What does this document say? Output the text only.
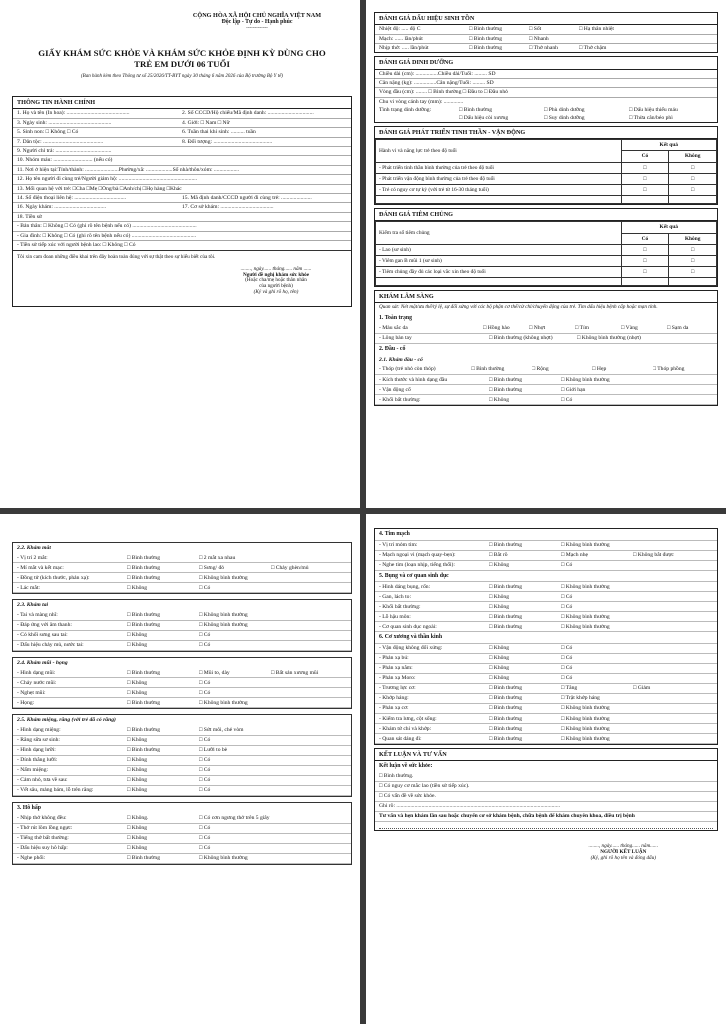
CỘNG HÒA XÃ HỘI CHỦ NGHĨA VIỆT NAM
Độc lập - Tự do - Hạnh phúc
-------------
GIẤY KHÁM SỨC KHỎE VÀ KHÁM SỨC KHỎE ĐỊNH KỲ DÙNG CHO
TRẺ EM DƯỚI 06 TUỔI
(Ban hành kèm theo Thông tư số 25/2026/TT-BYT ngày 30 tháng 6 năm 2026 của Bộ trưởng Bộ Y tế)
THÔNG TIN HÀNH CHÍNH
1. Họ và tên (In hoa): .............................................	2. Số CCCD/Hộ chiếu/Mã định danh: .................................
3. Ngày sinh: .............................................	4. Giới: □ Nam □ Nữ
5. Sinh non: □ Không □ Có	6. Tuần thai khi sinh: .......... tuần
7. Dân tộc: ...........................................	8. Đối tượng: ..........................................
9. Người chỉ trả: ........................................
10. Nhóm máu: ............................ (nếu có)
11. Nơi ở hiện tại:Tỉnh/thành: ........................Phường/xã: ...................Số nhà/thôn/xóm: ..................
12. Họ tên người đi cùng trẻ/Người giám hộ: ........................................................
13. Mối quan hệ với trẻ: □Cha □Mẹ □Ông/bà □Anh/chị □Họ hàng □Khác
14. Số điện thoại liên hệ: .....................................	15. Mã định danh/CCCD người đi cùng trẻ: ......................
16. Ngày khám: .....................................	17. Cơ sở khám: ......................................
18. Tiền sử
- Bản thân: □ Không □ Có (ghi rõ tên bệnh nếu có) ..............................................
- Gia đình: □ Không □ Có (ghi rõ tên bệnh nếu có) ..............................................
- Tiền sử tiếp xúc với người bệnh lao: □ Không □ Có
Tôi xin cam đoan những điều khai trên đây hoàn toàn đúng với sự thật theo sự hiểu biết của tôi.
........, ngày...... tháng...... năm ......
Người đề nghị khám sức khỏe
(Hoặc cha/mẹ hoặc thân nhân
của người bệnh)
(Ký và ghi rõ họ, tên)
ĐÁNH GIÁ DẤU HIỆU SINH TỒN
Nhiệt độ: ..... độ C	□ Bình thường	□ Sốt	□ Hạ thân nhiệt
Mạch: ...... lần/phút	□ Bình thường	□ Nhanh
Nhịp thở: ..... lần/phút	□ Bình thường	□ Thở nhanh	□ Thở chậm
ĐÁNH GIÁ DINH DƯỠNG
Chiều dài (cm): ................Chiều dài/Tuổi: ......... SD
Cân nặng (kg): ................Cân nặng/Tuổi: ......... SD
Vòng đầu (cm): ........ □ Bình thường □ Đầu to □ Đầu nhỏ
Chu vi vòng cánh tay (mm): ..............
Tình trạng dinh dưỡng:	□ Bình thường	□ Phù dinh dưỡng	□ Dấu hiệu thiếu máu
□ Dấu hiệu còi xương	□ Suy dinh dưỡng	□ Thừa cân/béo phì
ĐÁNH GIÁ PHÁT TRIỂN TINH THẦN - VẬN ĐỘNG
Hành vi và năng lực trẻ theo độ tuổi	Kết quả	
	Có	Không
- Phát triển tinh thần bình thường của trẻ theo độ tuổi	□	□
- Phát triển vận động bình thường của trẻ theo độ tuổi	□	□
- Trẻ có nguy cơ tự kỷ (với trẻ từ 16-30 tháng tuổi)	□	□

ĐÁNH GIÁ TIÊM CHỦNG
Kiểm tra sổ tiêm chủng	Kết quả	
	Có	Không
- Lao (sơ sinh)	□	□
- Viêm gan B mũi 1 (sơ sinh)	□	□
- Tiêm chủng đầy đủ các loại vắc xin theo độ tuổi	□	□

KHÁM LÂM SÀNG
Quan sát: Nét mặt/ưu thế/tỷ lệ, sự đối xứng với các bộ phận cơ thể/cử chỉ/chuyển động của trẻ. Tìm dấu hiệu bệnh cấp hoặc mạn tính.
1. Toàn trạng
- Màu sắc da	□ Hồng hào	□ Nhợt	□ Tím	□ Vàng	□ Sạm da
- Lông bàn tay	□ Bình thường (không nhợt)	□ Không bình thường (nhợt)
2. Đầu - cổ
2.1. Khám đầu - cổ
- Thóp (trẻ nhỏ còn thóp)	□ Bình thường	□ Rộng	□ Hẹp	□ Thóp phồng
- Kích thước và hình dạng đầu	□ Bình thường	□ Không bình thường
- Vận động cổ	□ Bình thường	□ Giới hạn
- Khối bất thường:	□ Không	□ Có
2.2. Khám mắt
- Vị trí 2 mắt:	□ Bình thường	□ 2 mắt xa nhau
- Mí mắt và kết mạc:	□ Bình thường	□ Sưng/ đỏ	□ Chảy ghèn/mủ
- Đồng tử (kích thước, phản xạ):	□ Bình thường	□ Không bình thường
- Lác mắt:	□ Không	□ Có
2.3. Khám tai
- Tai và màng nhĩ:	□ Bình thường	□ Không bình thường
- Đáp ứng với âm thanh:	□ Bình thường	□ Không bình thường
- Có khối sưng sau tai:	□ Không	□ Có
- Dấu hiệu chảy mủ, nước tai:	□ Không	□ Có
2.4. Khám mũi - họng
- Hình dạng mũi:	□ Bình thường	□ Mũi to, dày	□ Bất sản xương mũi
- Chảy nước mũi:	□ Không	□ Có
- Nghẹt mũi:	□ Không	□ Có
- Họng:	□ Bình thường	□ Không bình thường
2.5. Khám miệng, răng (với trẻ đã có răng)
- Hình dạng miệng:	□ Bình thường	□ Sứt môi, chẻ vòm
- Răng sữa sơ sinh:	□ Không	□ Có
- Hình dạng lưỡi:	□ Bình thường	□ Lưỡi to bè
- Dính thắng lưỡi:	□ Không	□ Có
- Nấm miệng:	□ Không	□ Có
- Cảm nhỏ, tưa về sau:	□ Không	□ Có
- Vết sâu, mảng bám, lỗ trên răng:	□ Không	□ Có
3. Hô hấp
- Nhịp thở không đều:	□ Không.	□ Có cơn ngưng thở trên 5 giây
- Thở rút lõm lồng ngực:	□ Không	□ Có
- Tiếng thở bất thường:	□ Không	□ Có
- Dấu hiệu suy hô hấp:	□ Không	□ Có
- Nghe phổi:	□ Bình thường	□ Không bình thường
4. Tim mạch
- Vị trí mỏm tim:	□ Bình thường	□ Không bình thường
- Mạch ngoại vi (mạch quay-bẹn):	□ Bắt rõ	□ Mạch nhẹ	□ Không bắt được
- Nghe tim (loạn nhịp, tiếng thổi):	□ Không	□ Có
5. Bụng và cơ quan sinh dục
- Hình dáng bụng, rốn:	□ Bình thường	□ Không bình thường
- Gan, lách to:	□ Không	□ Có
- Khối bất thường:	□ Không	□ Có
- Lỗ hậu môn:	□ Bình thường	□ Không bình thường
- Cơ quan sinh dục ngoài:	□ Bình thường	□ Không bình thường
6. Cơ xương và thần kinh
- Vận động không đối xứng:	□ Không	□ Có
- Phản xạ bú:	□ Không	□ Có
- Phản xạ nắm:	□ Không	□ Có
- Phản xạ Moro:	□ Không	□ Có
- Trương lực cơ:	□ Bình thường	□ Tăng	□ Giảm
- Khớp háng:	□ Bình thường	□ Trật khớp háng
- Phản xạ cơ:	□ Bình thường	□ Không bình thường
- Kiểm tra lưng, cột sống:	□ Bình thường	□ Không bình thường
- Khám tứ chi và khớp:	□ Bình thường	□ Không bình thường
- Quan sát dáng đi:	□ Bình thường	□ Không bình thường
KẾT LUẬN VÀ TƯ VẤN
Kết luận về sức khỏe:
□ Bình thường.
□ Có nguy cơ mắc lao (tiền sử tiếp xúc).
□ Có vấn đề về sức khỏe.
Ghi rõ: .....................................................................................................................
Tư vấn và hẹn khám lần sau hoặc chuyển cơ sở khám bệnh, chữa bệnh để khám chuyên khoa, điều trị bệnh
........, ngày...... tháng...... năm......
NGƯỜI KẾT LUẬN
(Ký, ghi rõ họ tên và đóng dấu)
